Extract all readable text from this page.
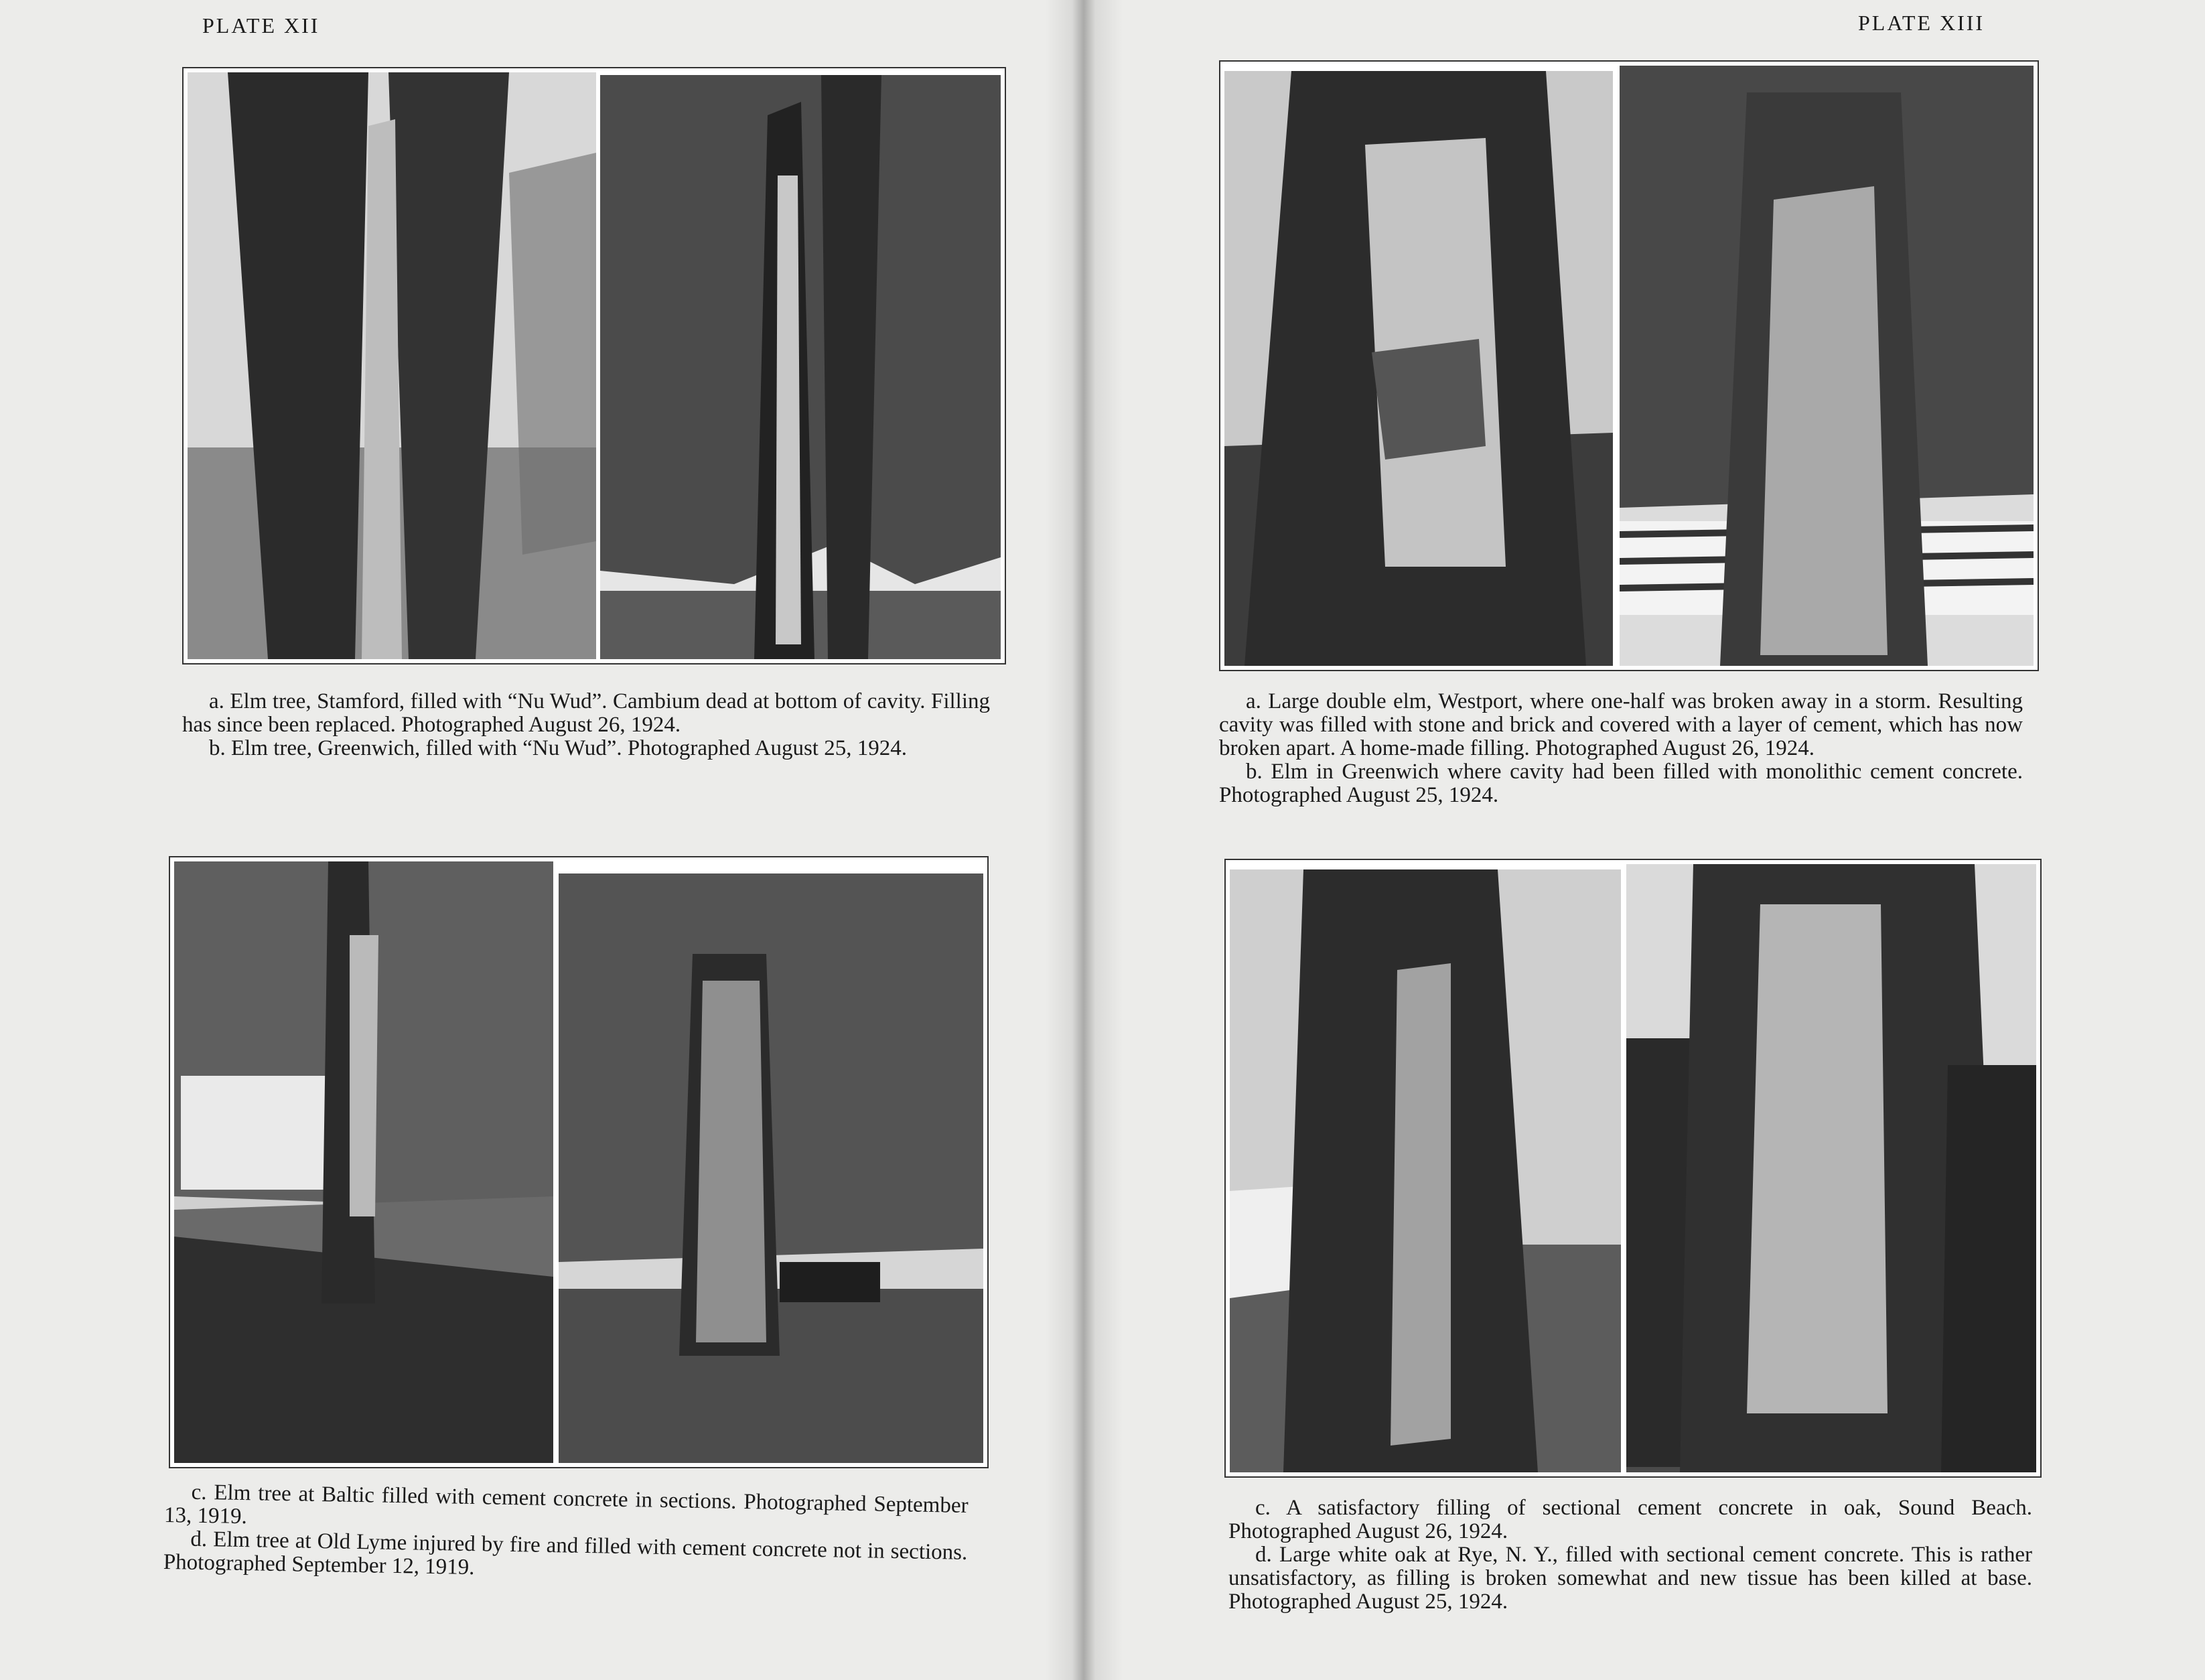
PLATE XII

a. Elm tree, Stamford, filled with “Nu Wud”. Cambium dead at bottom of cavity. Filling has since been replaced. Photographed August 26, 1924.

b. Elm tree, Greenwich, filled with “Nu Wud”. Photographed August 25, 1924.

c. Elm tree at Baltic filled with cement concrete in sections. Photographed September 13, 1919.

d. Elm tree at Old Lyme injured by fire and filled with cement concrete not in sections. Photographed September 12, 1919.

PLATE XIII

a. Large double elm, Westport, where one-half was broken away in a storm. Resulting cavity was filled with stone and brick and covered with a layer of cement, which has now broken apart. A home-made filling. Photographed August 26, 1924.

b. Elm in Greenwich where cavity had been filled with monolithic cement concrete. Photographed August 25, 1924.

c. A satisfactory filling of sectional cement concrete in oak, Sound Beach. Photographed August 26, 1924.

d. Large white oak at Rye, N. Y., filled with sectional cement concrete. This is rather unsatisfactory, as filling is broken somewhat and new tissue has been killed at base. Photographed August 25, 1924.
